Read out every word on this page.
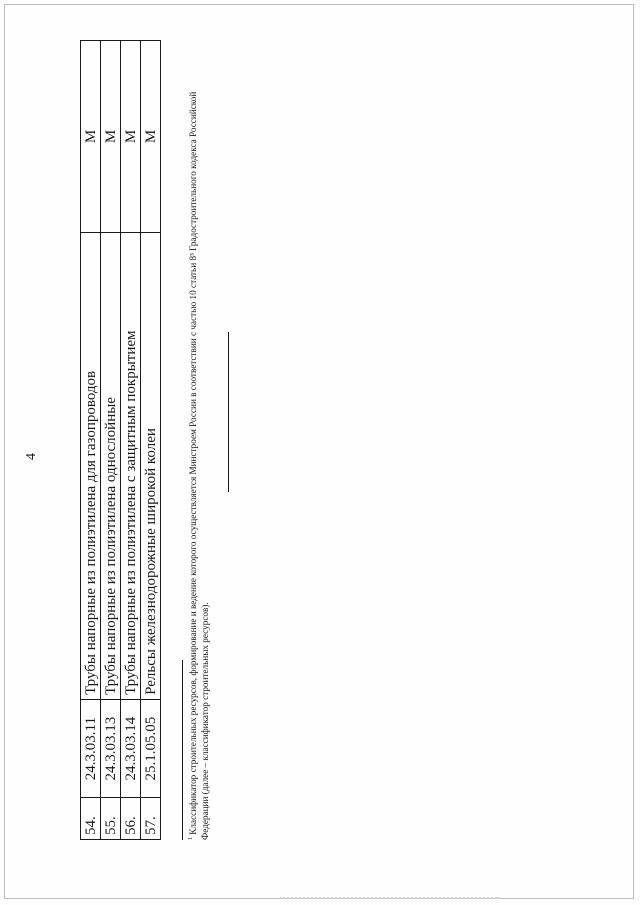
4
54.	24.3.03.11	Трубы напорные из полиэтилена для газопроводов	М
55.	24.3.03.13	Трубы напорные из полиэтилена однослойные	М
56.	24.3.03.14	Трубы напорные из полиэтилена с защитным покрытием	М
57.	25.1.05.05	Рельсы железнодорожные широкой колеи	М
$^1$ Классификатор строительных ресурсов, формирование и ведение которого осуществляется Минстроем России в соответствии с частью 10 статьи 8³ Градостроительного кодекса Российской Федерации (далее – классификатор строительных ресурсов).
